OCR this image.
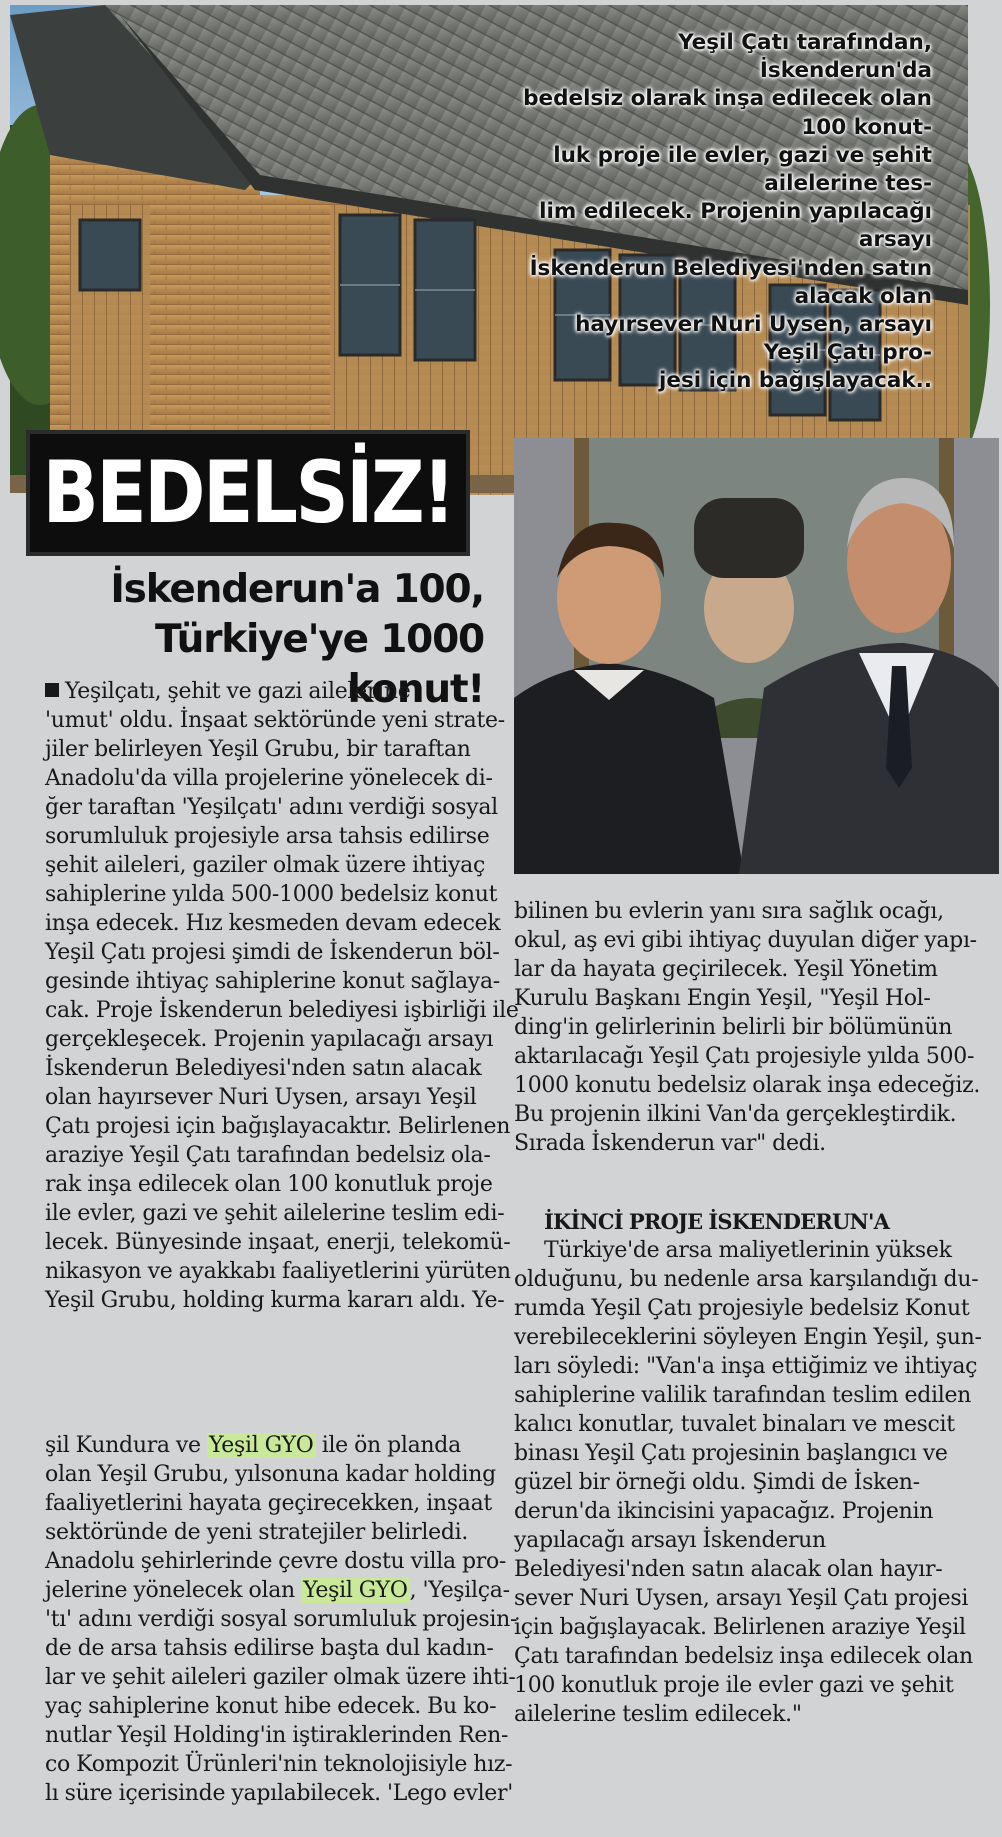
Yeşil Çatı tarafından, İskenderun'da
bedelsiz olarak inşa edilecek olan 100 konut-
luk proje ile evler, gazi ve şehit ailelerine tes-
lim edilecek. Projenin yapılacağı arsayı
İskenderun Belediyesi'nden satın alacak olan
hayırsever Nuri Uysen, arsayı Yeşil Çatı pro-
jesi için bağışlayacak..
BEDELSİZ!
İskenderun'a 100,
Türkiye'ye 1000 konut!
Yeşilçatı, şehit ve gazi ailelerine
'umut' oldu. İnşaat sektöründe yeni strate-
jiler belirleyen Yeşil Grubu, bir taraftan
Anadolu'da villa projelerine yönelecek di-
ğer taraftan 'Yeşilçatı' adını verdiği sosyal
sorumluluk projesiyle arsa tahsis edilirse
şehit aileleri, gaziler olmak üzere ihtiyaç
sahiplerine yılda 500-1000 bedelsiz konut
inşa edecek. Hız kesmeden devam edecek
Yeşil Çatı projesi şimdi de İskenderun böl-
gesinde ihtiyaç sahiplerine konut sağlaya-
cak. Proje İskenderun belediyesi işbirliği ile
gerçekleşecek. Projenin yapılacağı arsayı
İskenderun Belediyesi'nden satın alacak
olan hayırsever Nuri Uysen, arsayı Yeşil
Çatı projesi için bağışlayacaktır. Belirlenen
araziye Yeşil Çatı tarafından bedelsiz ola-
rak inşa edilecek olan 100 konutluk proje
ile evler, gazi ve şehit ailelerine teslim edi-
lecek. Bünyesinde inşaat, enerji, telekomü-
nikasyon ve ayakkabı faaliyetlerini yürüten
Yeşil Grubu, holding kurma kararı aldı. Ye-
şil Kundura ve Yeşil GYO ile ön planda
olan Yeşil Grubu, yılsonuna kadar holding
faaliyetlerini hayata geçirecekken, inşaat
sektöründe de yeni stratejiler belirledi.
Anadolu şehirlerinde çevre dostu villa pro-
jelerine yönelecek olan Yeşil GYO, 'Yeşilça-
'tı' adını verdiği sosyal sorumluluk projesin-
de de arsa tahsis edilirse başta dul kadın-
lar ve şehit aileleri gaziler olmak üzere ihti-
yaç sahiplerine konut hibe edecek. Bu ko-
nutlar Yeşil Holding'in iştiraklerinden Ren-
co Kompozit Ürünleri'nin teknolojisiyle hız-
lı süre içerisinde yapılabilecek. 'Lego evler'
bilinen bu evlerin yanı sıra sağlık ocağı,
okul, aş evi gibi ihtiyaç duyulan diğer yapı-
lar da hayata geçirilecek. Yeşil Yönetim
Kurulu Başkanı Engin Yeşil, "Yeşil Hol-
ding'in gelirlerinin belirli bir bölümünün
aktarılacağı Yeşil Çatı projesiyle yılda 500-
1000 konutu bedelsiz olarak inşa edeceğiz.
Bu projenin ilkini Van'da gerçekleştirdik.
Sırada İskenderun var" dedi.
İKİNCİ PROJE İSKENDERUN'A
Türkiye'de arsa maliyetlerinin yüksek
olduğunu, bu nedenle arsa karşılandığı du-
rumda Yeşil Çatı projesiyle bedelsiz Konut
verebileceklerini söyleyen Engin Yeşil, şun-
ları söyledi: "Van'a inşa ettiğimiz ve ihtiyaç
sahiplerine valilik tarafından teslim edilen
kalıcı konutlar, tuvalet binaları ve mescit
binası Yeşil Çatı projesinin başlangıcı ve
güzel bir örneği oldu. Şimdi de İsken-
derun'da ikincisini yapacağız. Projenin
yapılacağı arsayı İskenderun
Belediyesi'nden satın alacak olan hayır-
sever Nuri Uysen, arsayı Yeşil Çatı projesi
için bağışlayacak. Belirlenen araziye Yeşil
Çatı tarafından bedelsiz inşa edilecek olan
100 konutluk proje ile evler gazi ve şehit
ailelerine teslim edilecek."
